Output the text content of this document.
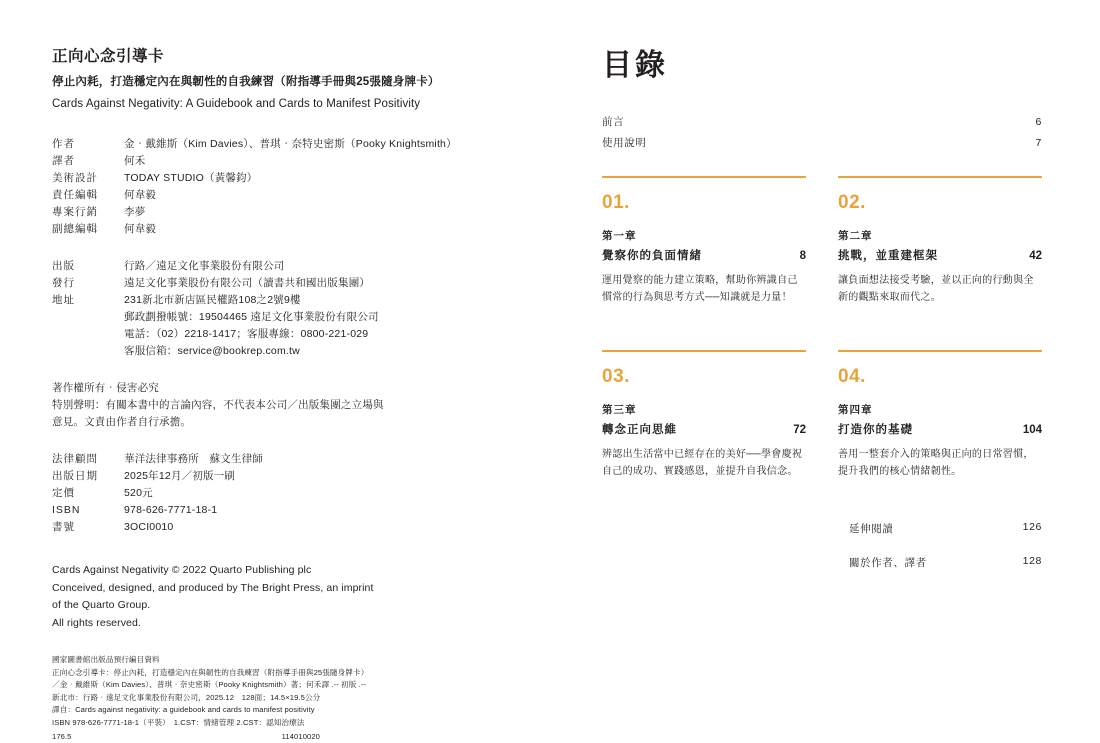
正向心念引導卡
停止內耗，打造穩定內在與韌性的自我練習（附指導手冊與25張隨身牌卡）
Cards Against Negativity: A Guidebook and Cards to Manifest Positivity
作者	金‧戴維斯（Kim Davies）、普琪‧奈特史密斯（Pooky Knightsmith）
譯者	何禾
美術設計	TODAY STUDIO（黃馨鈞）
責任編輯	何韋毅
專案行銷	李夢
副總編輯	何韋毅
出版	行路／遠足文化事業股份有限公司
發行	遠足文化事業股份有限公司（讀書共和國出版集團）
地址	231新北市新店區民權路108之2號9樓
郵政劃撥帳號：19504465 遠足文化事業股份有限公司
電話：（02）2218-1417；客服專線：0800-221-029
客服信箱：service@bookrep.com.tw
著作權所有‧侵害必究
特別聲明：有關本書中的言論內容，不代表本公司／出版集團之立場與
意見。文責由作者自行承擔。
法律顧問	華洋法律事務所　蘇文生律師
出版日期	2025年12月／初版一刷
定價	520元
ISBN	978-626-7771-18-1
書號	3OCI0010
Cards Against Negativity © 2022 Quarto Publishing plc
Conceived, designed, and produced by The Bright Press, an imprint
of the Quarto Group.
All rights reserved.
國家圖書館出版品預行編目資料
正向心念引導卡：停止內耗，打造穩定內在與韌性的自我練習（附指導手冊與25張隨身牌卡）
／金‧戴維斯（Kim Davies）、普琪‧奈史密斯（Pooky Knightsmith）著；何禾譯 .-- 初版 .--
新北市：行路‧遠足文化事業股份有限公司，2025.12　128面；14.5×19.5公分
譯自：Cards against negativity: a guidebook and cards to manifest positivity
ISBN 978-626-7771-18-1（平裝）　1.CST：情緒管理 2.CST：認知治療法
176.5	114010020
目錄
前言	6
使用說明	7
01.
第一章
覺察你的負面情緒	8
運用覺察的能力建立策略，幫助你辨識自己慣常的行為與思考方式──知識就是力量！
02.
第二章
挑戰，並重建框架	42
讓負面想法接受考驗，並以正向的行動與全新的觀點來取而代之。
03.
第三章
轉念正向思維	72
辨認出生活當中已經存在的美好──學會慶祝自己的成功、實踐感恩，並提升自我信念。
04.
第四章
打造你的基礎	104
善用一整套介入的策略與正向的日常習慣，提升我們的核心情緒韌性。
延伸閱讀	126
關於作者、譯者	128
